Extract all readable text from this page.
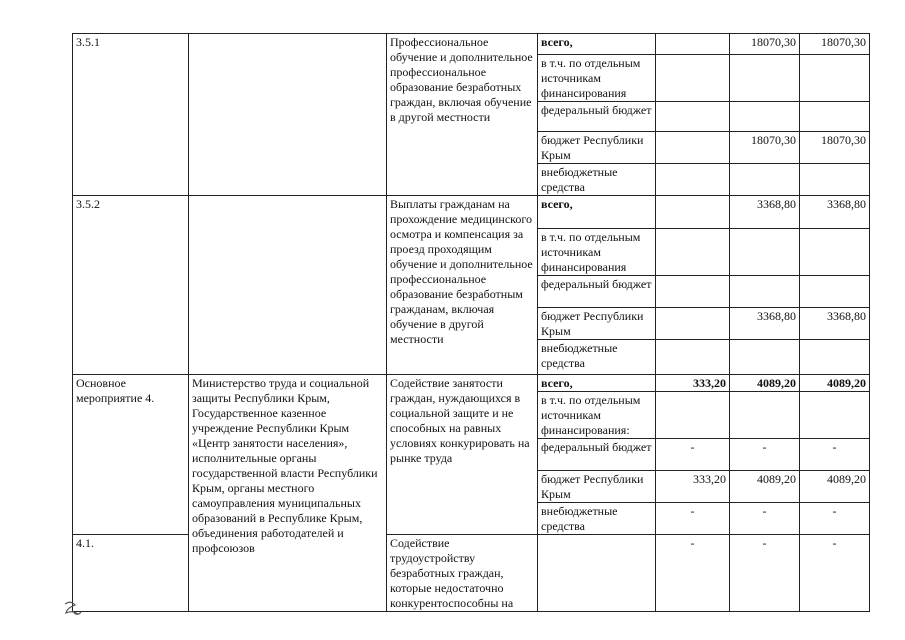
3.5.1		Профессиональное обучение и дополнительное профессиональное образование безработных граждан, включая обучение в другой местности	всего,		18070,30	18070,30
			в т.ч. по отдельным источникам финансирования			
			федеральный бюджет			
			бюджет Республики Крым		18070,30	18070,30
			внебюджетные средства			
3.5.2		Выплаты гражданам на прохождение медицинского осмотра и компенсация за проезд проходящим обучение и дополнительное профессиональное образование безработным гражданам, включая обучение в другой местности	всего,		3368,80	3368,80
			в т.ч. по отдельным источникам финансирования			
			федеральный бюджет			
			бюджет Республики Крым		3368,80	3368,80
			внебюджетные средства			
Основное мероприятие 4.	Министерство труда и социальной защиты Республики Крым, Государственное казенное учреждение Республики Крым «Центр занятости населения», исполнительные органы государственной власти Республики Крым, органы местного самоуправления муниципальных образований в Республике Крым, объединения работодателей и профсоюзов	Содействие занятости граждан, нуждающихся в социальной защите и не способных на равных условиях конкурировать на рынке труда	всего,	333,20	4089,20	4089,20
			в т.ч. по отдельным источникам финансирования:			
			федеральный бюджет	-	-	-
			бюджет Республики Крым	333,20	4089,20	4089,20
			внебюджетные средства	-	-	-
4.1.		Содействие трудоустройству безработных граждан, которые недостаточно конкурентоспособны на		-	-	-
